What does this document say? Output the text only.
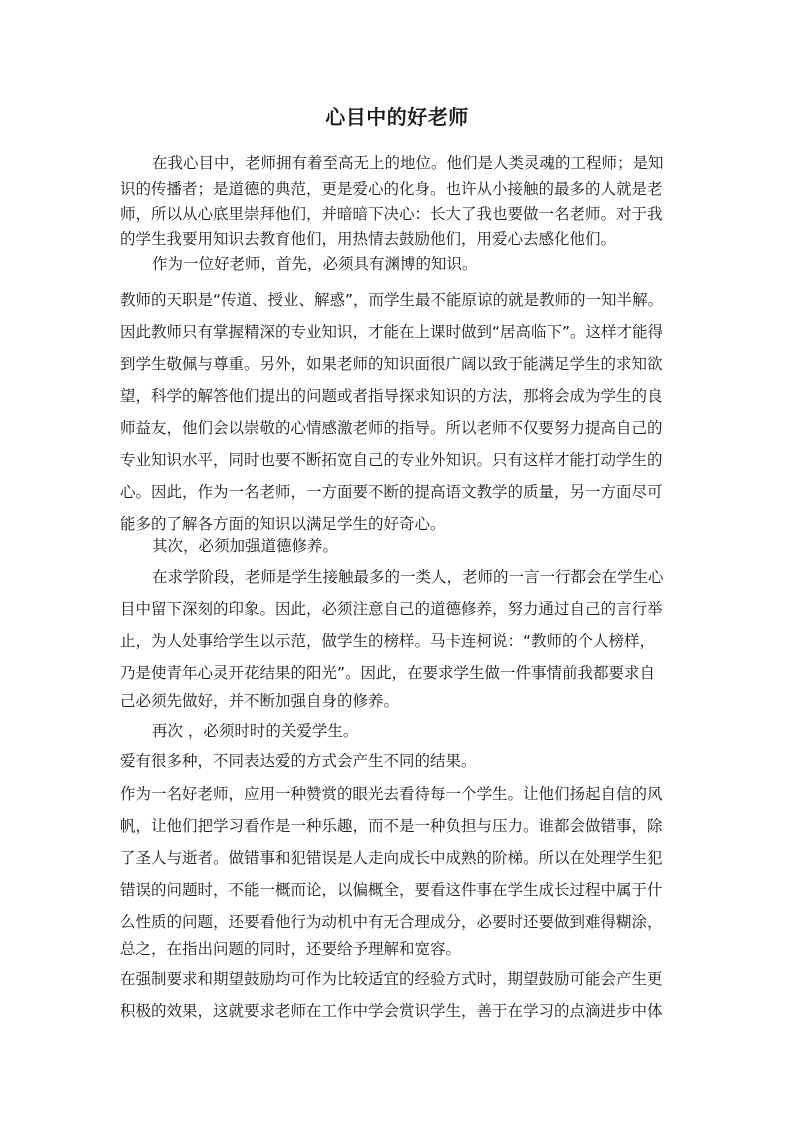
心目中的好老师
在我心目中，老师拥有着至高无上的地位。他们是人类灵魂的工程师；是知
识的传播者；是道德的典范，更是爱心的化身。也许从小接触的最多的人就是老
师，所以从心底里崇拜他们，并暗暗下决心：长大了我也要做一名老师。对于我
的学生我要用知识去教育他们，用热情去鼓励他们，用爱心去感化他们。
作为一位好老师，首先，必须具有渊博的知识。
教师的天职是“传道、授业、解惑”，而学生最不能原谅的就是教师的一知半解。
因此教师只有掌握精深的专业知识，才能在上课时做到“居高临下”。这样才能得
到学生敬佩与尊重。另外，如果老师的知识面很广阔以致于能满足学生的求知欲
望，科学的解答他们提出的问题或者指导探求知识的方法，那将会成为学生的良
师益友，他们会以崇敬的心情感激老师的指导。所以老师不仅要努力提高自己的
专业知识水平，同时也要不断拓宽自己的专业外知识。只有这样才能打动学生的
心。因此，作为一名老师，一方面要不断的提高语文教学的质量，另一方面尽可
能多的了解各方面的知识以满足学生的好奇心。
其次，必须加强道德修养。
在求学阶段，老师是学生接触最多的一类人，老师的一言一行都会在学生心
目中留下深刻的印象。因此，必须注意自己的道德修养，努力通过自己的言行举
止，为人处事给学生以示范，做学生的榜样。马卡连柯说：“教师的个人榜样，
乃是使青年心灵开花结果的阳光”。因此，在要求学生做一件事情前我都要求自
己必须先做好，并不断加强自身的修养。
再次 ，必须时时的关爱学生。
爱有很多种，不同表达爱的方式会产生不同的结果。
作为一名好老师，应用一种赞赏的眼光去看待每一个学生。让他们扬起自信的风
帆，让他们把学习看作是一种乐趣，而不是一种负担与压力。谁都会做错事，除
了圣人与逝者。做错事和犯错误是人走向成长中成熟的阶梯。所以在处理学生犯
错误的问题时，不能一概而论，以偏概全，要看这件事在学生成长过程中属于什
么性质的问题，还要看他行为动机中有无合理成分，必要时还要做到难得糊涂，
总之，在指出问题的同时，还要给予理解和宽容。
在强制要求和期望鼓励均可作为比较适宜的经验方式时，期望鼓励可能会产生更
积极的效果，这就要求老师在工作中学会赏识学生，善于在学习的点滴进步中体
